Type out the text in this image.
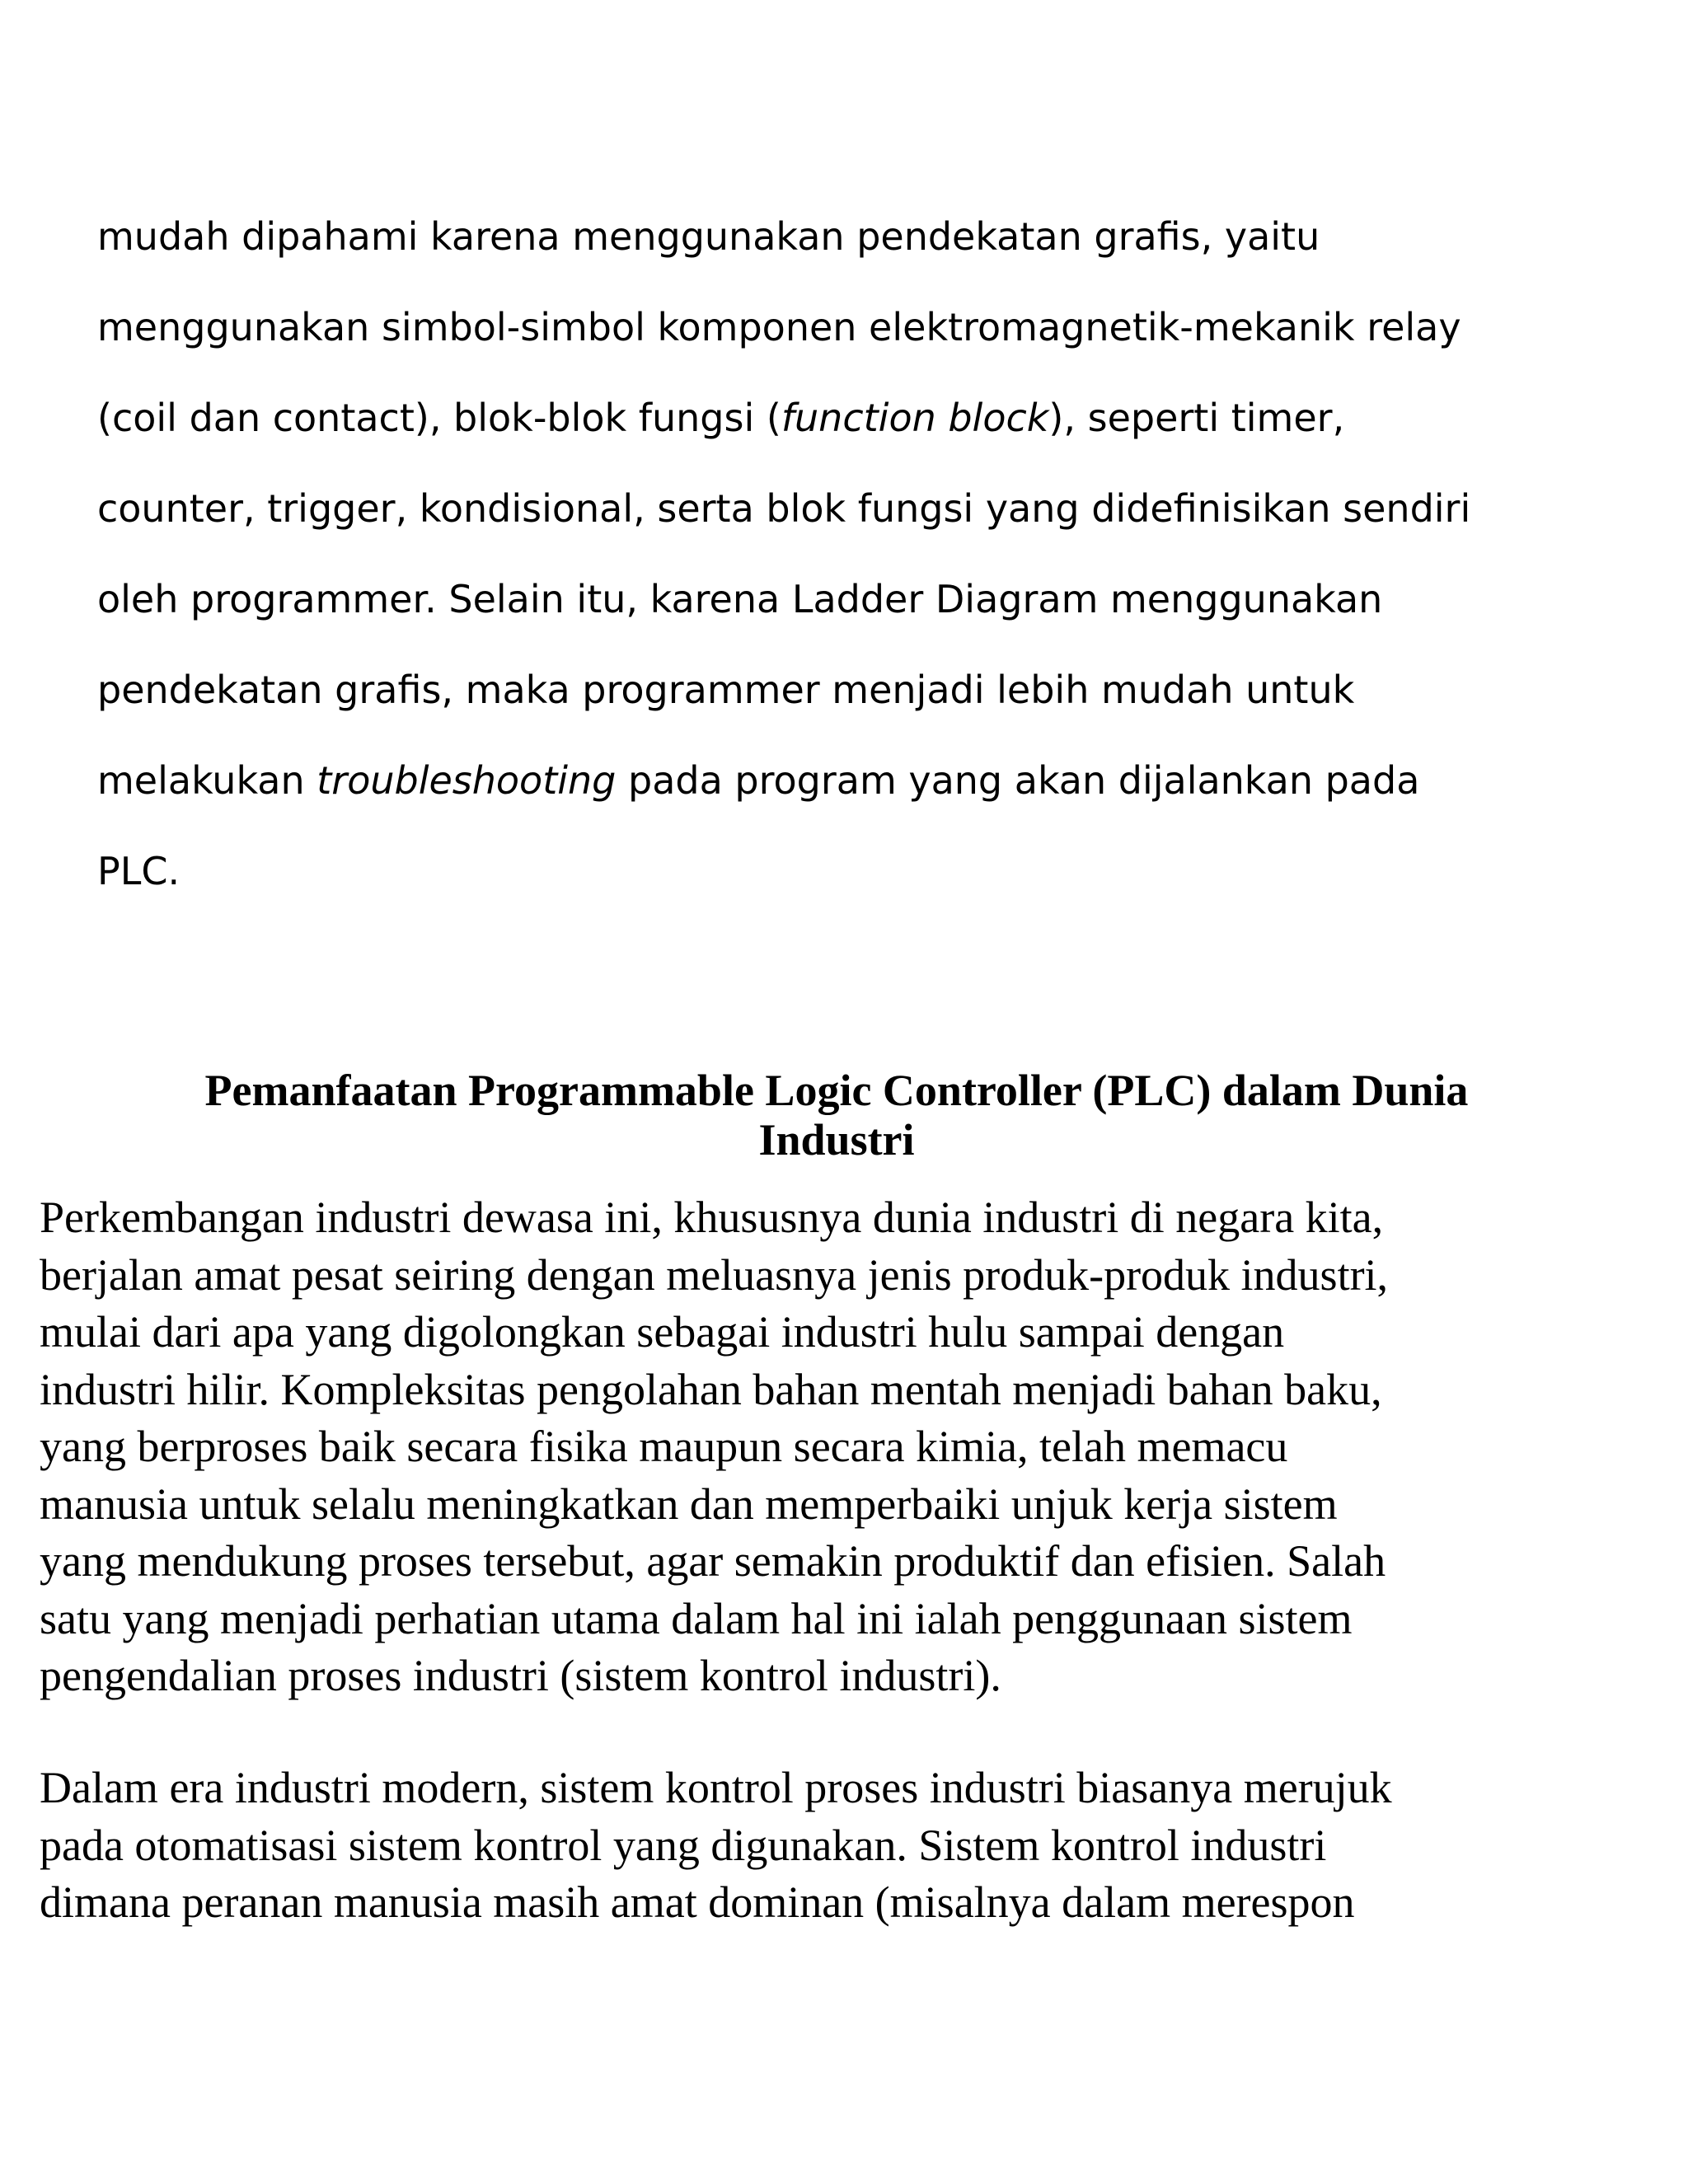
mudah dipahami karena menggunakan pendekatan grafis, yaitu
menggunakan simbol-simbol komponen elektromagnetik-mekanik relay
(coil dan contact), blok-blok fungsi (function block), seperti timer,
counter, trigger, kondisional, serta blok fungsi yang didefinisikan sendiri
oleh programmer. Selain itu, karena Ladder Diagram menggunakan
pendekatan grafis, maka programmer menjadi lebih mudah untuk
melakukan troubleshooting pada program yang akan dijalankan pada
PLC.

Pemanfaatan Programmable Logic Controller (PLC) dalam Dunia
Industri

Perkembangan industri dewasa ini, khususnya dunia industri di negara kita,
berjalan amat pesat seiring dengan meluasnya jenis produk-produk industri,
mulai dari apa yang digolongkan sebagai industri hulu sampai dengan
industri hilir. Kompleksitas pengolahan bahan mentah menjadi bahan baku,
yang berproses baik secara fisika maupun secara kimia, telah memacu
manusia untuk selalu meningkatkan dan memperbaiki unjuk kerja sistem
yang mendukung proses tersebut, agar semakin produktif dan efisien. Salah
satu yang menjadi perhatian utama dalam hal ini ialah penggunaan sistem
pengendalian proses industri (sistem kontrol industri).

Dalam era industri modern, sistem kontrol proses industri biasanya merujuk
pada otomatisasi sistem kontrol yang digunakan. Sistem kontrol industri
dimana peranan manusia masih amat dominan (misalnya dalam merespon
